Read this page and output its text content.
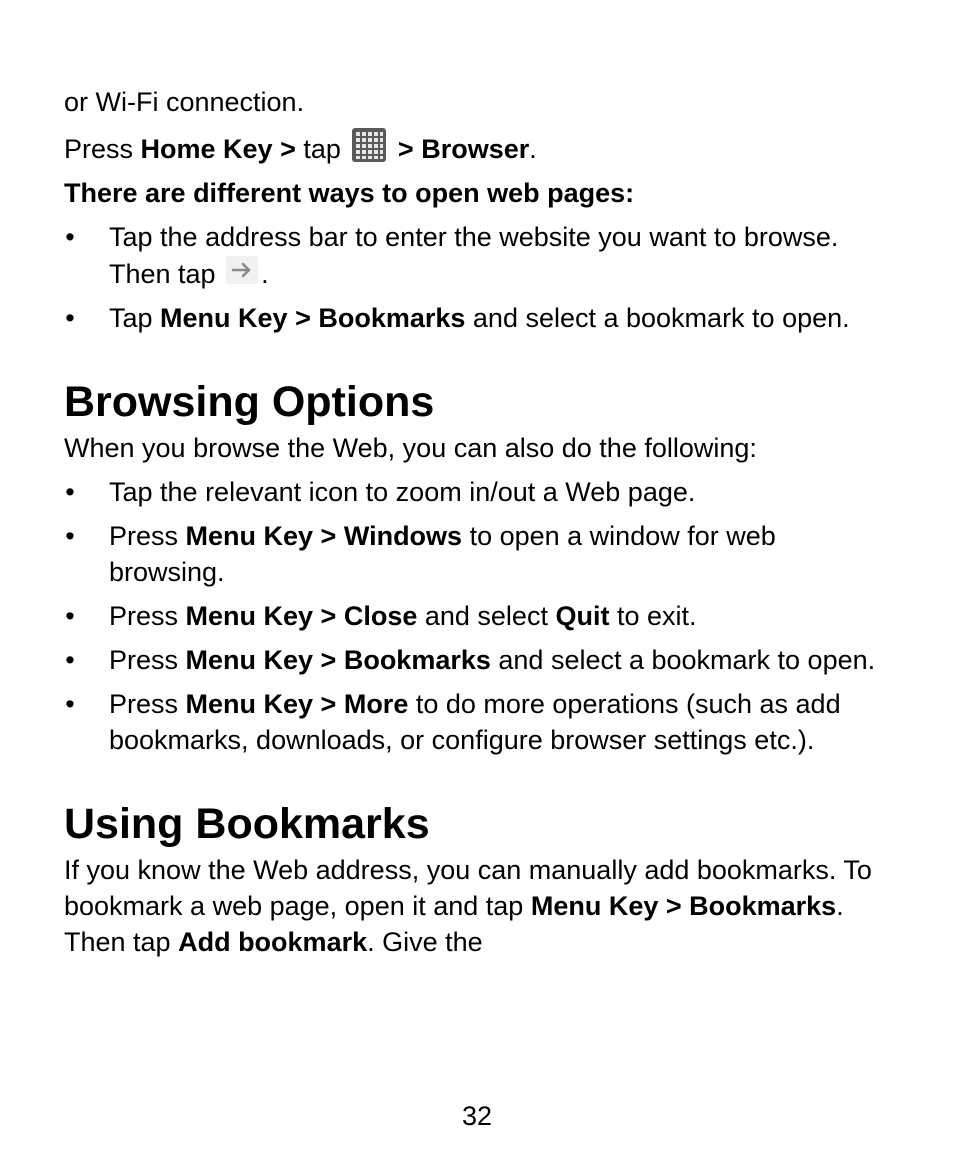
or Wi-Fi connection.

Press Home Key > tap
> Browser.

There are different ways to open web pages:

• Tap the address bar to enter the website you want to browse. Then tap .
• Tap Menu Key > Bookmarks and select a bookmark to open.
Browsing Options

When you browse the Web, you can also do the following:

• Tap the relevant icon to zoom in/out a Web page.
• Press Menu Key > Windows to open a window for web browsing.
• Press Menu Key > Close and select Quit to exit.
• Press Menu Key > Bookmarks and select a bookmark to open.
• Press Menu Key > More to do more operations (such as add bookmarks, downloads, or configure browser settings etc.).
Using Bookmarks

If you know the Web address, you can manually add bookmarks. To bookmark a web page, open it and tap Menu Key > Bookmarks. Then tap Add bookmark. Give the

32
